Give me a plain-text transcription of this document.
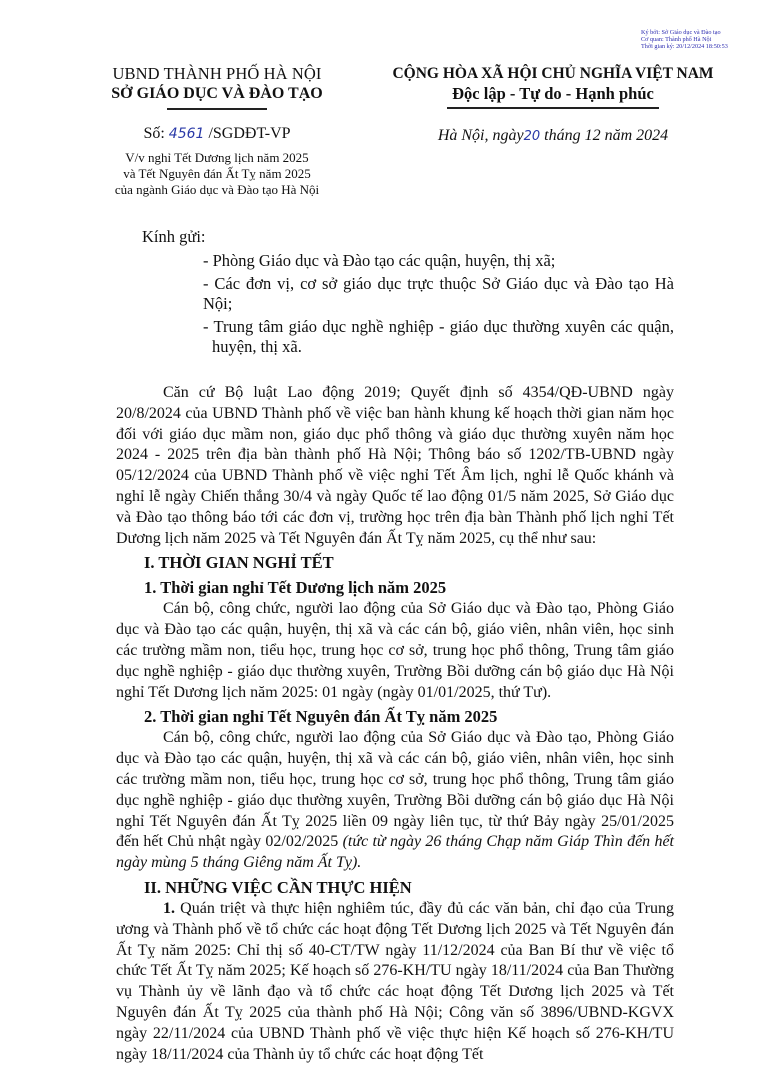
Ký bởi: Sở Giáo dục và Đào tạo
Cơ quan: Thành phố Hà Nội
Thời gian ký: 20/12/2024 18:50:53
UBND THÀNH PHỐ HÀ NỘI
SỞ GIÁO DỤC VÀ ĐÀO TẠO
Số: 4561 /SGDĐT-VP
V/v nghỉ Tết Dương lịch năm 2025
và Tết Nguyên đán Ất Tỵ năm 2025
của ngành Giáo dục và Đào tạo Hà Nội
CỘNG HÒA XÃ HỘI CHỦ NGHĨA VIỆT NAM
Độc lập - Tự do - Hạnh phúc
Hà Nội, ngày20 tháng 12 năm 2024
Kính gửi:
- Phòng Giáo dục và Đào tạo các quận, huyện, thị xã;
- Các đơn vị, cơ sở giáo dục trực thuộc Sở Giáo dục và Đào tạo Hà Nội;
- Trung tâm giáo dục nghề nghiệp - giáo dục thường xuyên các quận, huyện, thị xã.

Căn cứ Bộ luật Lao động 2019; Quyết định số 4354/QĐ-UBND ngày 20/8/2024 của UBND Thành phố về việc ban hành khung kế hoạch thời gian năm học đối với giáo dục mầm non, giáo dục phổ thông và giáo dục thường xuyên năm học 2024 - 2025 trên địa bàn thành phố Hà Nội; Thông báo số 1202/TB-UBND ngày 05/12/2024 của UBND Thành phố về việc nghỉ Tết Âm lịch, nghỉ lễ Quốc khánh và nghỉ lễ ngày Chiến thắng 30/4 và ngày Quốc tế lao động 01/5 năm 2025, Sở Giáo dục và Đào tạo thông báo tới các đơn vị, trường học trên địa bàn Thành phố lịch nghỉ Tết Dương lịch năm 2025 và Tết Nguyên đán Ất Tỵ năm 2025, cụ thể như sau:

I. THỜI GIAN NGHỈ TẾT
1. Thời gian nghỉ Tết Dương lịch năm 2025

Cán bộ, công chức, người lao động của Sở Giáo dục và Đào tạo, Phòng Giáo dục và Đào tạo các quận, huyện, thị xã và các cán bộ, giáo viên, nhân viên, học sinh các trường mầm non, tiểu học, trung học cơ sở, trung học phổ thông, Trung tâm giáo dục nghề nghiệp - giáo dục thường xuyên, Trường Bồi dưỡng cán bộ giáo dục Hà Nội nghỉ Tết Dương lịch năm 2025: 01 ngày (ngày 01/01/2025, thứ Tư).

2. Thời gian nghỉ Tết Nguyên đán Ất Tỵ năm 2025

Cán bộ, công chức, người lao động của Sở Giáo dục và Đào tạo, Phòng Giáo dục và Đào tạo các quận, huyện, thị xã và các cán bộ, giáo viên, nhân viên, học sinh các trường mầm non, tiểu học, trung học cơ sở, trung học phổ thông, Trung tâm giáo dục nghề nghiệp - giáo dục thường xuyên, Trường Bồi dưỡng cán bộ giáo dục Hà Nội nghỉ Tết Nguyên đán Ất Tỵ 2025 liền 09 ngày liên tục, từ thứ Bảy ngày 25/01/2025 đến hết Chủ nhật ngày 02/02/2025 (tức từ ngày 26 tháng Chạp năm Giáp Thìn đến hết ngày mùng 5 tháng Giêng năm Ất Tỵ).

II. NHỮNG VIỆC CẦN THỰC HIỆN

1. Quán triệt và thực hiện nghiêm túc, đầy đủ các văn bản, chỉ đạo của Trung ương và Thành phố về tổ chức các hoạt động Tết Dương lịch 2025 và Tết Nguyên đán Ất Tỵ năm 2025: Chỉ thị số 40-CT/TW ngày 11/12/2024 của Ban Bí thư về việc tổ chức Tết Ất Tỵ năm 2025; Kế hoạch số 276-KH/TU ngày 18/11/2024 của Ban Thường vụ Thành ủy về lãnh đạo và tổ chức các hoạt động Tết Dương lịch 2025 và Tết Nguyên đán Ất Tỵ 2025 của thành phố Hà Nội; Công văn số 3896/UBND-KGVX ngày 22/11/2024 của UBND Thành phố về việc thực hiện Kế hoạch số 276-KH/TU ngày 18/11/2024 của Thành ủy tổ chức các hoạt động Tết
